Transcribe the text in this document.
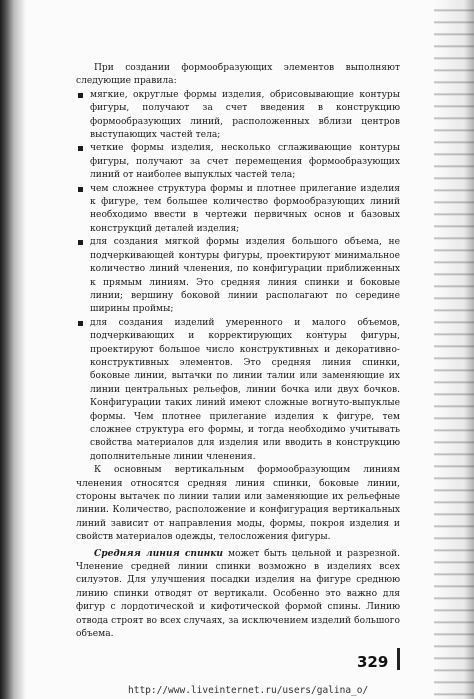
При создании формообразующих элементов выполняют следующие правила:

мягкие, округлые формы изделия, обрисовывающие контуры фигуры, получают за счет введения в конструкцию формообразующих линий, расположенных вблизи центров выступающих частей тела;
четкие формы изделия, несколько сглаживающие контуры фигуры, получают за счет перемещения формообразующих линий от наиболее выпуклых частей тела;
чем сложнее структура формы и плотнее прилегание изделия к фигуре, тем большее количество формообразующих линий необходимо ввести в чертежи первичных основ и базовых конструкций деталей изделия;
для создания мягкой формы изделия большого объема, не подчеркивающей контуры фигуры, проектируют минимальное количество линий членения, по конфигурации приближенных к прямым линиям. Это средняя линия спинки и боковые линии; вершину боковой линии располагают по середине ширины проймы;
для создания изделий умеренного и малого объемов, подчеркивающих и корректирующих контуры фигуры, проектируют большое число конструктивных и декоративно-конструктивных элементов. Это средняя линия спинки, боковые линии, вытачки по линии талии или заменяющие их линии центральных рельефов, линии бочка или двух бочков. Конфигурации таких линий имеют сложные вогнуто-выпуклые формы. Чем плотнее прилегание изделия к фигуре, тем сложнее структура его формы, и тогда необходимо учитывать свойства материалов для изделия или вводить в конструкцию дополнительные линии членения.

К основным вертикальным формообразующим линиям членения относятся средняя линия спинки, боковые линии, стороны вытачек по линии талии или заменяющие их рельефные линии. Количество, расположение и конфигурация вертикальных линий зависит от направления моды, формы, покроя изделия и свойств материалов одежды, телосложения фигуры.

Средняя линия спинки может быть цельной и разрезной. Членение средней линии спинки возможно в изделиях всех силуэтов. Для улучшения посадки изделия на фигуре среднюю линию спинки отводят от вертикали. Особенно это важно для фигур с лордотической и кифотической формой спины. Линию отвода строят во всех случаях, за исключением изделий большого объема.

329
http://www.liveinternet.ru/users/galina_o/
